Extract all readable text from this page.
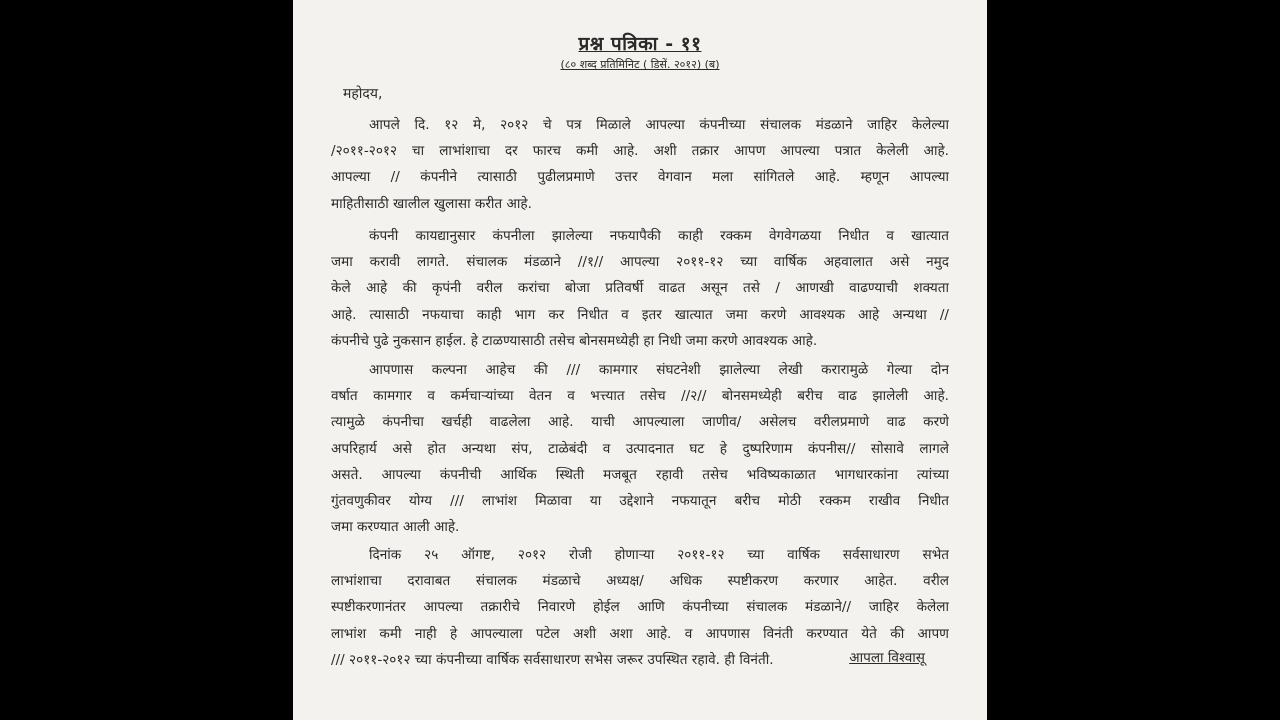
प्रश्न पत्रिका - ११
(८० शब्द प्रतिमिनिट ( डिसें. २०१२) (ब)
महोदय,
आपले दि. १२ मे, २०१२ चे पत्र मिळाले आपल्या कंपनीच्या संचालक मंडळाने जाहिर केलेल्या
/२०११-२०१२ चा लाभांशाचा दर फारच कमी आहे. अशी तक्रार आपण आपल्या पत्रात केलेली आहे.
आपल्या // कंपनीने त्यासाठी पुढीलप्रमाणे उत्तर वेगवान मला सांगितले आहे. म्हणून आपल्या
माहितीसाठी खालील खुलासा करीत आहे.
कंपनी कायद्यानुसार कंपनीला झालेल्या नफयापैकी काही रक्कम वेगवेगळया निधीत व खात्यात
जमा करावी लागते. संचालक मंडळाने //१// आपल्या २०११-१२ च्या वार्षिक अहवालात असे नमुद
केले आहे की कृपंनी वरील करांचा बोजा प्रतिवर्षी वाढत असून तसे / आणखी वाढण्याची शक्यता
आहे. त्यासाठी नफयाचा काही भाग कर निधीत व इतर खात्यात जमा करणे आवश्यक आहे अन्यथा //
कंपनीचे पुढे नुकसान हाईल. हे टाळण्यासाठी तसेच बोनसमध्येही हा निधी जमा करणे आवश्यक आहे.
आपणास कल्पना आहेच की /// कामगार संघटनेशी झालेल्या लेखी करारामुळे गेल्या दोन
वर्षात कामगार व कर्मचाऱ्यांच्या वेतन व भत्त्यात तसेच //२// बोनसमध्येही बरीच वाढ झालेली आहे.
त्यामुळे कंपनीचा खर्चही वाढलेला आहे. याची आपल्याला जाणीव/ असेलच वरीलप्रमाणे वाढ करणे
अपरिहार्य असे होत अन्यथा संप, टाळेबंदी व उत्पादनात घट हे दुष्परिणाम कंपनीस// सोसावे लागले
असते. आपल्या कंपनीची आर्थिक स्थिती मजबूत रहावी तसेच भविष्यकाळात भागधारकांना त्यांच्या
गुंतवणुकीवर योग्य /// लाभांश मिळावा या उद्देशाने नफयातून बरीच मोठी रक्कम राखीव निधीत
जमा करण्यात आली आहे.
दिनांक २५ ऑगष्ट, २०१२ रोजी होणाऱ्या २०११-१२ च्या वार्षिक सर्वसाधारण सभेत
लाभांशाचा दरावाबत संचालक मंडळाचे अध्यक्ष/ अधिक स्पष्टीकरण करणार आहेत. वरील
स्पष्टीकरणानंतर आपल्या तक्रारीचे निवारणे होईल आणि कंपनीच्या संचालक मंडळाने// जाहिर केलेला
लाभांश कमी नाही हे आपल्याला पटेल अशी अशा आहे. व आपणास विनंती करण्यात येते की आपण
/// २०११-२०१२ च्या कंपनीच्या वार्षिक सर्वसाधारण सभेस जरूर उपस्थित रहावे. ही विनंती.	आपला विश्वासू
